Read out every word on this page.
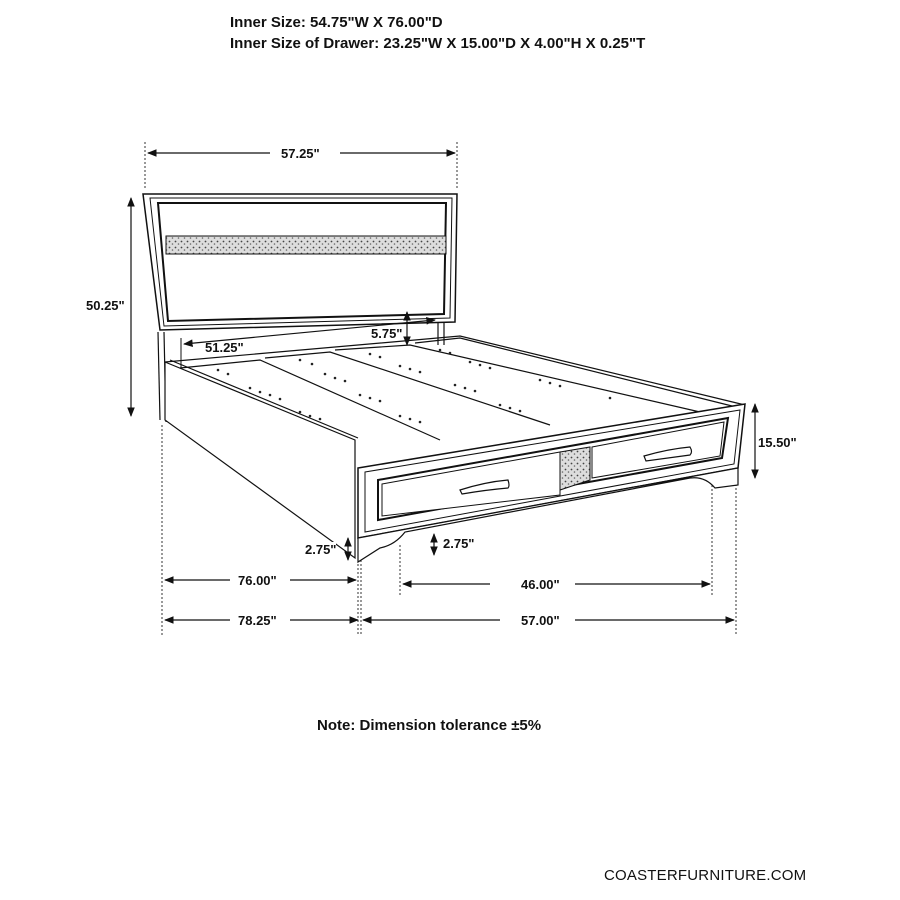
Inner Size: 54.75"W X 76.00"D
Inner Size of Drawer: 23.25"W X 15.00"D X 4.00"H X 0.25"T
57.25"
50.25"
51.25"
5.75"
15.50"
2.75"	2.75"
76.00"	46.00"
78.25"	57.00"
Note: Dimension tolerance ±5%
COASTERFURNITURE.COM
